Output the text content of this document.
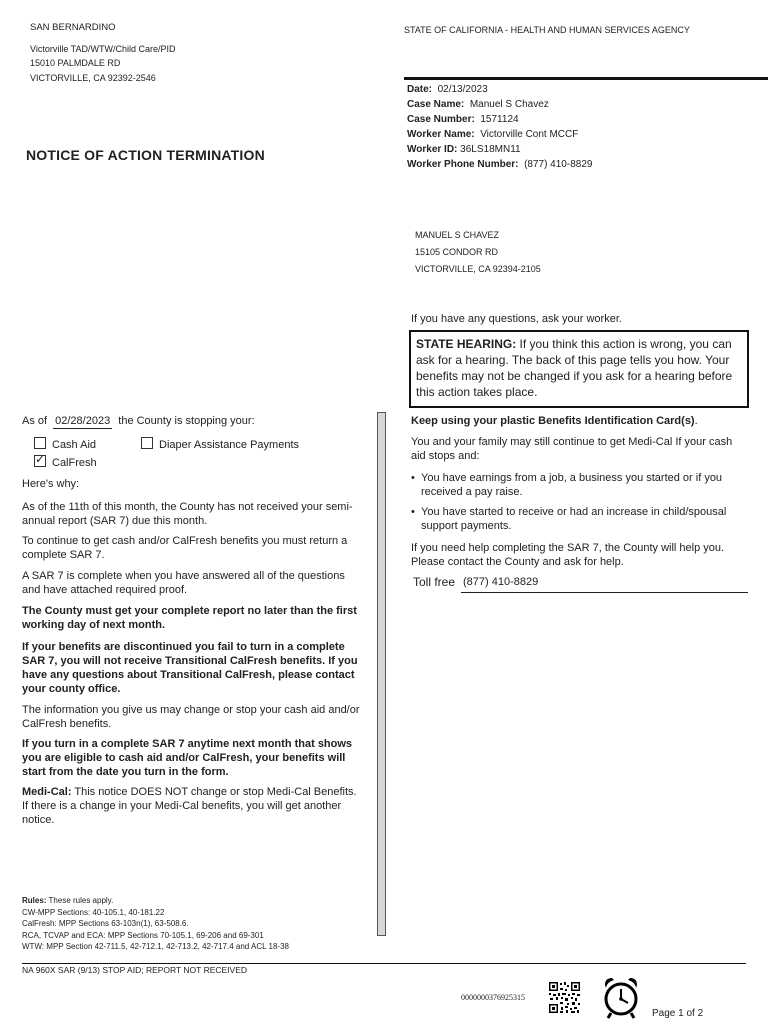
SAN BERNARDINO
Victorville TAD/WTW/Child Care/PID
15010 PALMDALE RD
VICTORVILLE, CA 92392-2546
STATE OF CALIFORNIA - HEALTH AND HUMAN SERVICES AGENCY
Date: 02/13/2023
Case Name: Manuel S Chavez
Case Number: 1571124
Worker Name: Victorville Cont MCCF
Worker ID: 36LS18MN11
Worker Phone Number: (877) 410-8829
NOTICE OF ACTION TERMINATION
MANUEL S CHAVEZ
15105 CONDOR RD
VICTORVILLE, CA 92394-2105
If you have any questions, ask your worker.
STATE HEARING: If you think this action is wrong, you can ask for a hearing. The back of this page tells you how. Your benefits may not be changed if you ask for a hearing before this action takes place.
As of 02/28/2023 the County is stopping your:
Cash Aid	Diaper Assistance Payments
✓ CalFresh
Here's why:
As of the 11th of this month, the County has not received your semi-annual report (SAR 7) due this month.
To continue to get cash and/or CalFresh benefits you must return a complete SAR 7.
A SAR 7 is complete when you have answered all of the questions and have attached required proof.
The County must get your complete report no later than the first working day of next month.
If your benefits are discontinued you fail to turn in a complete SAR 7, you will not receive Transitional CalFresh benefits. If you have any questions about Transitional CalFresh, please contact your county office.
The information you give us may change or stop your cash aid and/or CalFresh benefits.
If you turn in a complete SAR 7 anytime next month that shows you are eligible to cash aid and/or CalFresh, your benefits will start from the date you turn in the form.
Medi-Cal: This notice DOES NOT change or stop Medi-Cal Benefits. If there is a change in your Medi-Cal benefits, you will get another notice.
Keep using your plastic Benefits Identification Card(s).
You and your family may still continue to get Medi-Cal If your cash aid stops and:
• You have earnings from a job, a business you started or if you received a pay raise.
• You have started to receive or had an increase in child/spousal support payments.
If you need help completing the SAR 7, the County will help you. Please contact the County and ask for help.
Toll free (877) 410-8829
Rules: These rules apply.
CW-MPP Sections: 40-105.1, 40-181.22
CalFresh: MPP Sections 63-103n(1), 63-508.6.
RCA, TCVAP and ECA: MPP Sections 70-105.1, 69-206 and 69-301
WTW: MPP Section 42-711.5, 42-712.1, 42-713.2, 42-717.4 and ACL 18-38
NA 960X SAR (9/13) STOP AID; REPORT NOT RECEIVED
0000000376925315
Page 1 of 2
